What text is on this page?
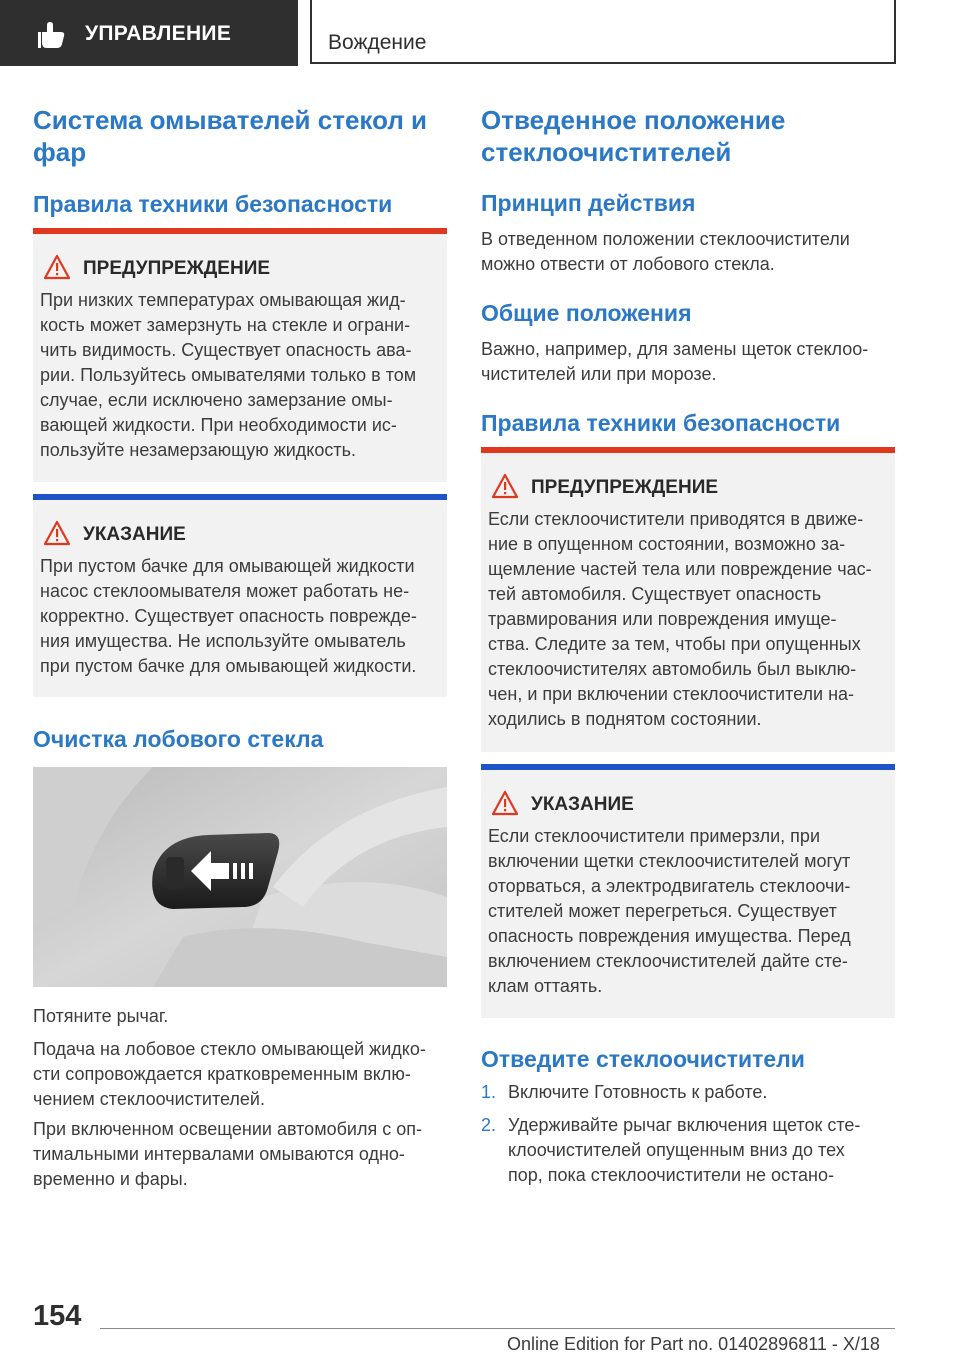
УПРАВЛЕНИЕ	Вождение
Система омывателей стекол и фар
Правила техники безопасности
ПРЕДУПРЕЖДЕНИЕ
При низких температурах омывающая жид-
кость может замерзнуть на стекле и ограни-
чить видимость. Существует опасность ава-
рии. Пользуйтесь омывателями только в том
случае, если исключено замерзание омы-
вающей жидкости. При необходимости ис-
пользуйте незамерзающую жидкость.
УКАЗАНИЕ
При пустом бачке для омывающей жидкости
насос стеклоомывателя может работать не-
корректно. Существует опасность поврежде-
ния имущества. Не используйте омыватель
при пустом бачке для омывающей жидкости.
Очистка лобового стекла
Потяните рычаг.
Подача на лобовое стекло омывающей жидко-
сти сопровождается кратковременным вклю-
чением стеклоочистителей.
При включенном освещении автомобиля с оп-
тимальными интервалами омываются одно-
временно и фары.
Отведенное положение стеклоочистителей
Принцип действия
В отведенном положении стеклоочистители
можно отвести от лобового стекла.
Общие положения
Важно, например, для замены щеток стеклоо-
чистителей или при морозе.
Правила техники безопасности
ПРЕДУПРЕЖДЕНИЕ
Если стеклоочистители приводятся в движе-
ние в опущенном состоянии, возможно за-
щемление частей тела или повреждение час-
тей автомобиля. Существует опасность
травмирования или повреждения имуще-
ства. Следите за тем, чтобы при опущенных
стеклоочистителях автомобиль был выклю-
чен, и при включении стеклоочистители на-
ходились в поднятом состоянии.
УКАЗАНИЕ
Если стеклоочистители примерзли, при
включении щетки стеклоочистителей могут
оторваться, а электродвигатель стеклоочи-
стителей может перегреться. Существует
опасность повреждения имущества. Перед
включением стеклоочистителей дайте сте-
клам оттаять.
Отведите стеклоочистители
1. Включите Готовность к работе.
2. Удерживайте рычаг включения щеток сте-
клоочистителей опущенным вниз до тех
пор, пока стеклоочистители не остано-
154
Online Edition for Part no. 01402896811 - X/18
